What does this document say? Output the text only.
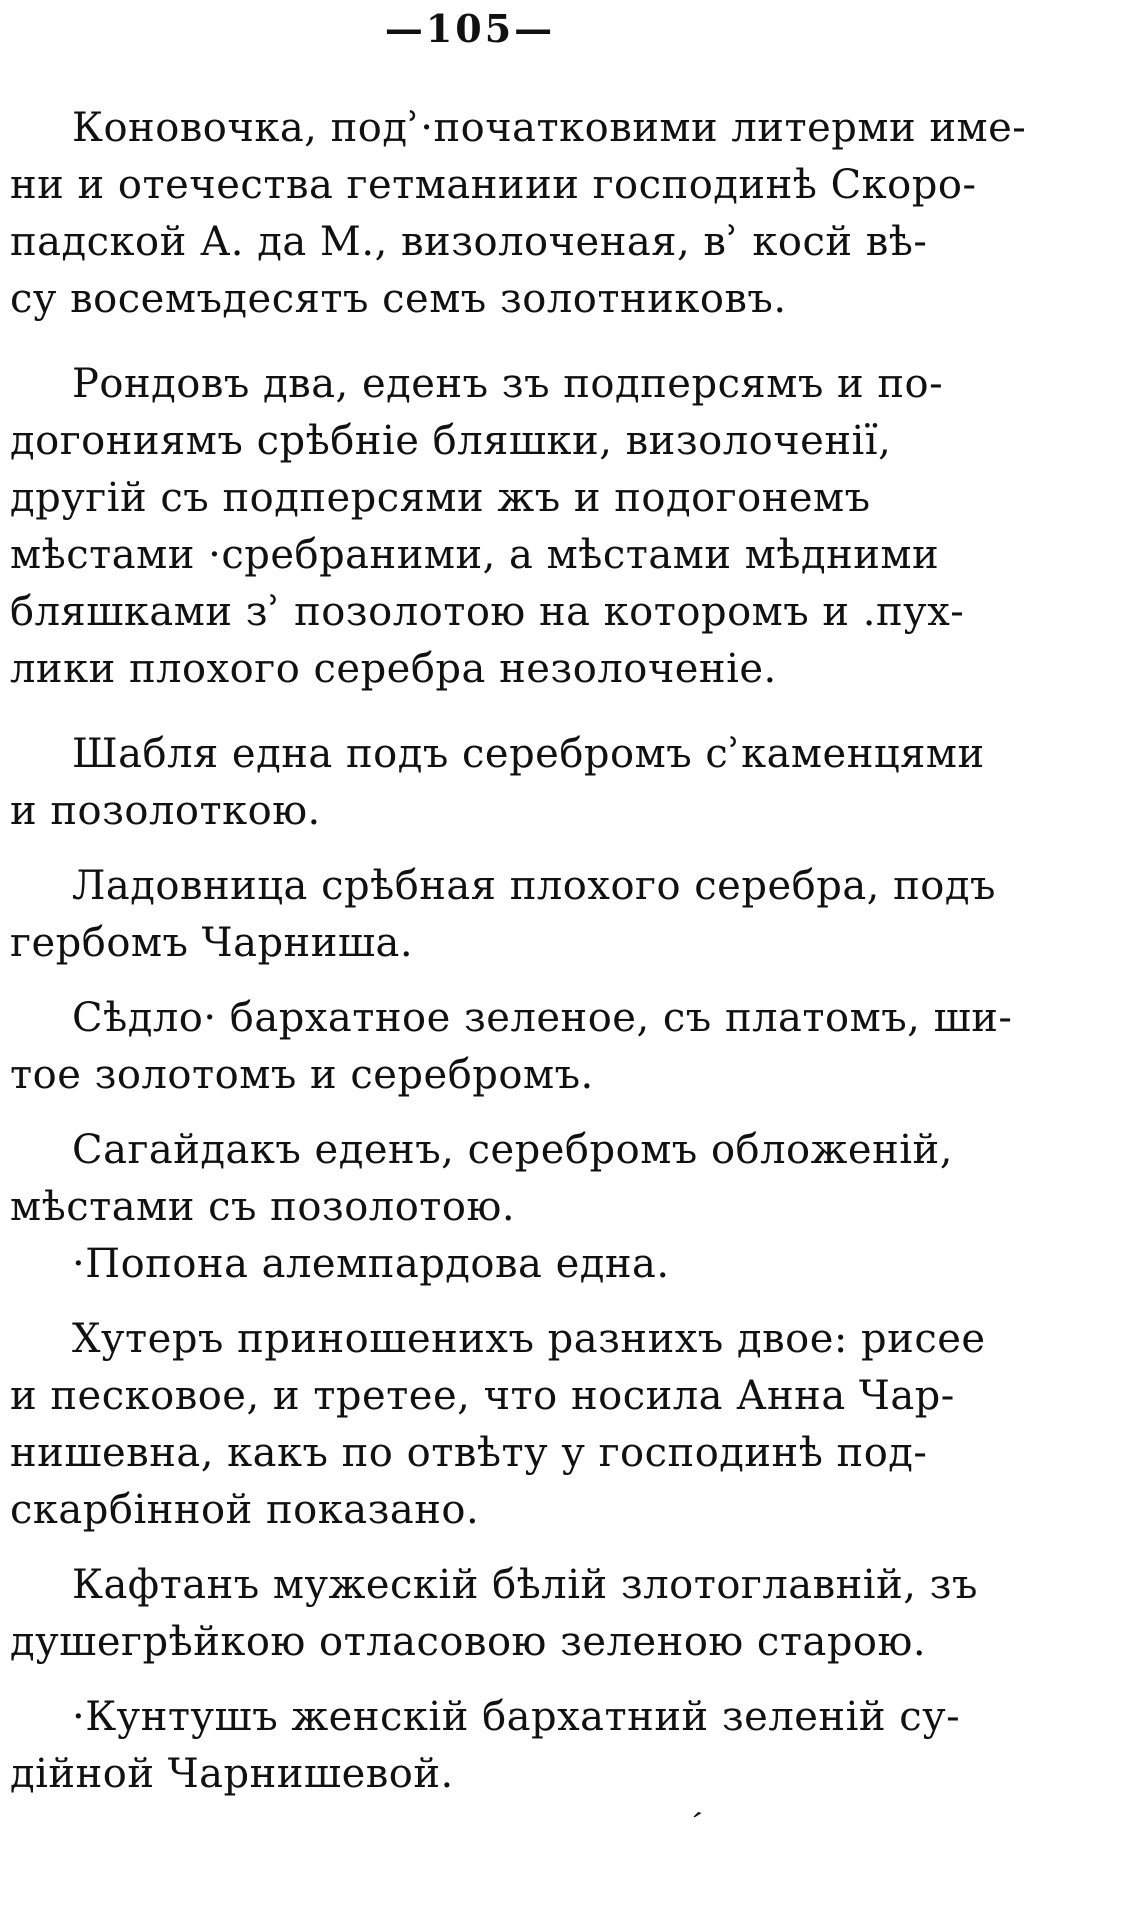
—105—

Коновочка, подʾ·початковими литерми име-
ни и отечества гетманиии господинѣ Скоро-
падской А. да М., визолоченая, вʾ косй вѣ-
су восемъдесятъ семъ золотниковъ.

Рондовъ два, еденъ зъ подперсямъ и по-
догониямъ срѣбніе бляшки, визолоченії,
другій съ подперсями жъ и подогонемъ
мѣстами ·сребраними, а мѣстами мѣдними
бляшками зʾ позолотою на которомъ и .пух-
лики плохого серебра незолоченіе.

Шабля една подъ серебромъ сʾкаменцями
и позолоткою.

Ладовница срѣбная плохого серебра, подъ
гербомъ Чарниша.

Сѣдло· бархатное зеленое, съ платомъ, ши-
тое золотомъ и серебромъ.

Сагайдакъ еденъ, серебромъ обложеній,
мѣстами съ позолотою.

·Попона алемпардова една.

Хутеръ приношенихъ разнихъ двое: рисее
и песковое, и третее, что носила Анна Чар-
нишевна, какъ по отвѣту у господинѣ под-
скарбінной показано.

Кафтанъ мужескій бѣлій злотоглавній, зъ
душегрѣйкою отласовою зеленою старою.

·Кунтушъ женскій бархатний зеленій су-
дійной Чарнишевой.

′
